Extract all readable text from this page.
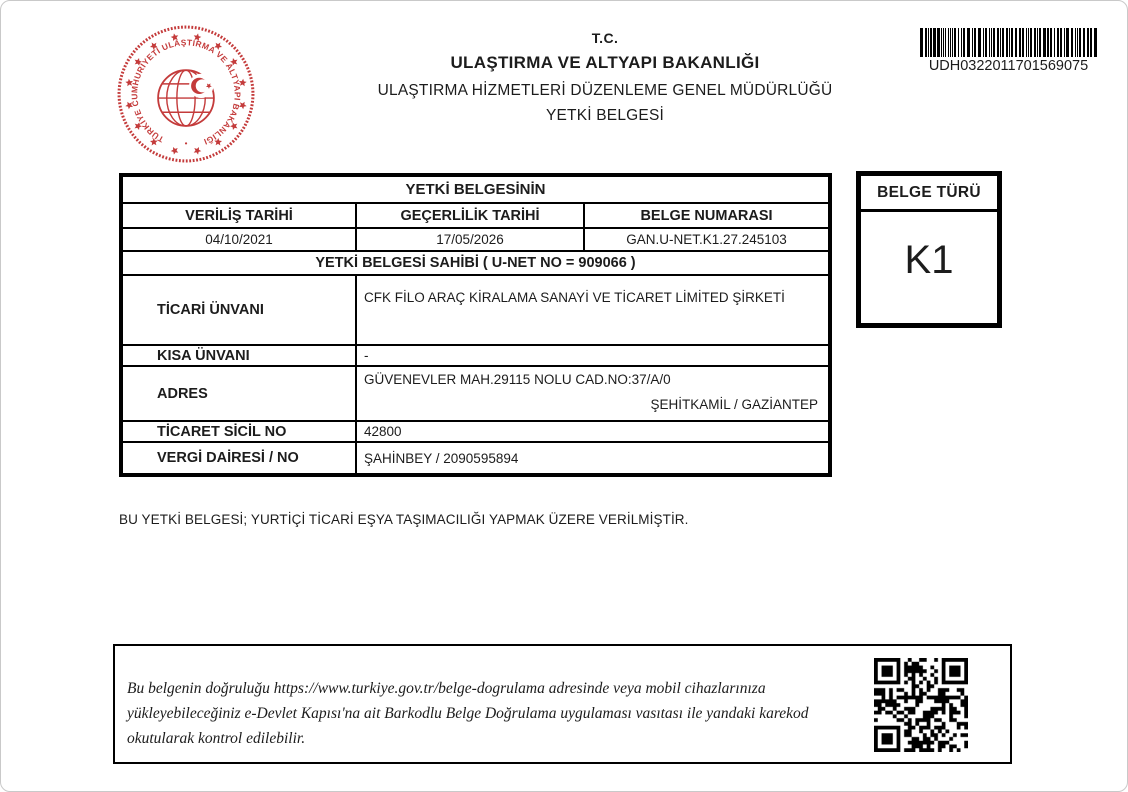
TÜRKİYE CUMHURİYETİ ULAŞTIRMA VE ALTYAPI BAKANLIĞI
•
T.C.
ULAŞTIRMA VE ALTYAPI BAKANLIĞI
ULAŞTIRMA HİZMETLERİ DÜZENLEME GENEL MÜDÜRLÜĞÜ
YETKİ BELGESİ
UDH0322011701569075
YETKİ BELGESİNİN		
VERİLİŞ TARİHİ	GEÇERLİLİK TARİHİ	BELGE NUMARASI
04/10/2021	17/05/2026	GAN.U-NET.K1.27.245103
YETKİ BELGESİ SAHİBİ ( U-NET NO = 909066 )		
TİCARİ ÜNVANI	CFK FİLO ARAÇ KİRALAMA SANAYİ VE TİCARET LİMİTED ŞİRKETİ	
KISA ÜNVANI	-	
ADRES	GÜVENEVLER MAH.29115 NOLU CAD.NO:37/A/0
ŞEHİTKAMİL / GAZİANTEP	

TİCARET SİCİL NO	42800	
VERGİ DAİRESİ / NO	ŞAHİNBEY / 2090595894	
BELGE TÜRÜ
K1
BU YETKİ BELGESİ; YURTİÇİ TİCARİ EŞYA TAŞIMACILIĞI YAPMAK ÜZERE VERİLMİŞTİR.
Bu belgenin doğruluğu https://www.turkiye.gov.tr/belge-dogrulama adresinde veya mobil cihazlarınıza yükleyebileceğiniz e-Devlet Kapısı'na ait Barkodlu Belge Doğrulama uygulaması vasıtası ile yandaki karekod okutularak kontrol edilebilir.
